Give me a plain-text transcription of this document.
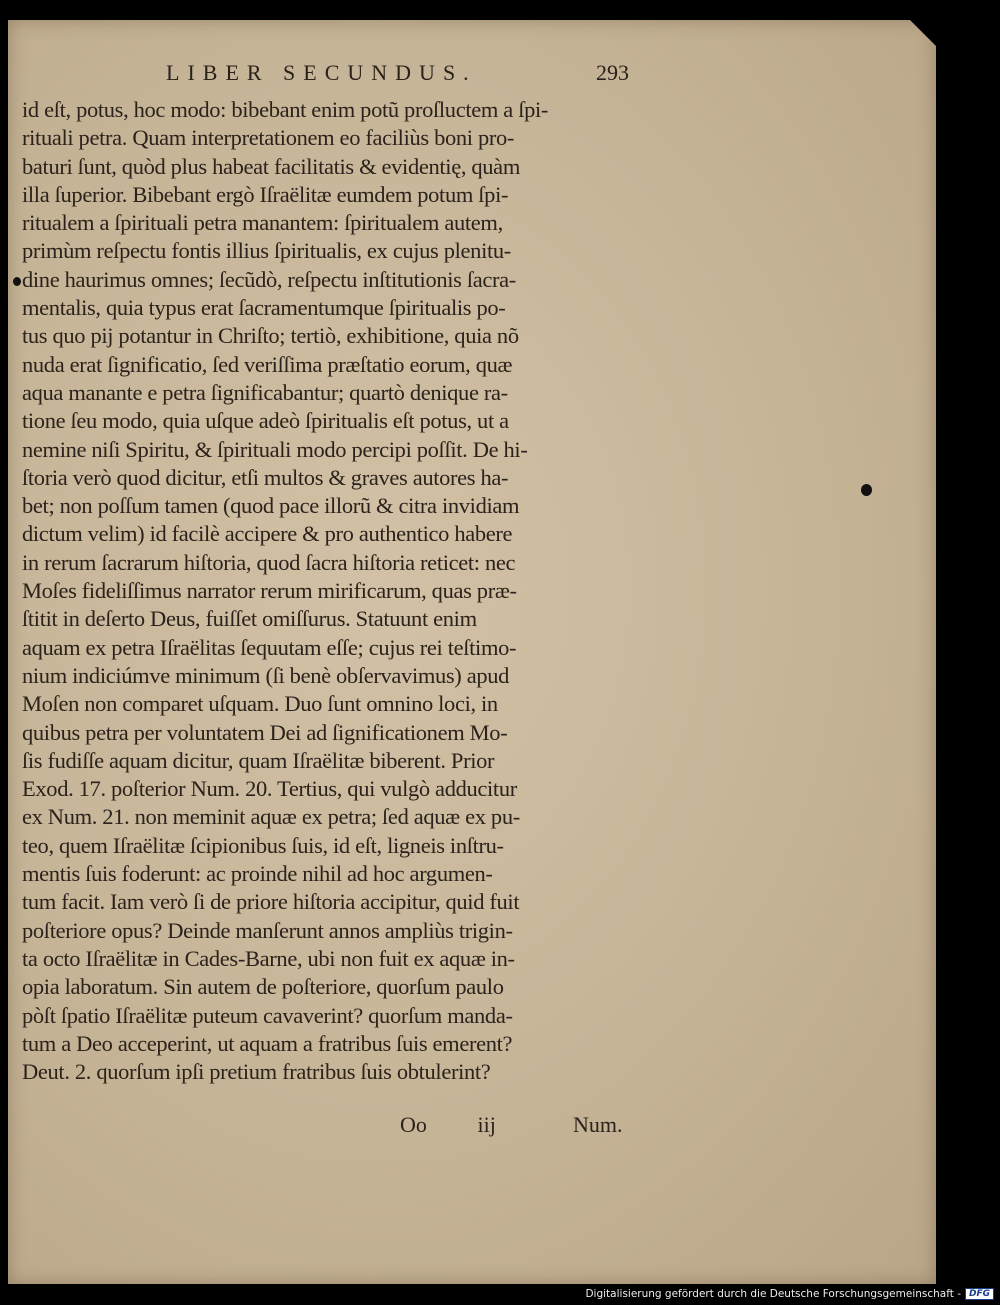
LIBER SECUNDUS.	293
id eſt, potus, hoc modo: bibebant enim potũ proſluctem a ſpi-
rituali petra. Quam interpretationem eo faciliùs boni pro-
baturi ſunt, quòd plus habeat facilitatis & evidentię, quàm
illa ſuperior. Bibebant ergò Iſraëlitæ eumdem potum ſpi-
ritualem a ſpirituali petra manantem: ſpiritualem autem,
primùm reſpectu fontis illius ſpiritualis, ex cujus plenitu-
dine haurimus omnes; ſecũdò, reſpectu inſtitutionis ſacra-
mentalis, quia typus erat ſacramentumque ſpiritualis po-
tus quo pij potantur in Chriſto; tertiò, exhibitione, quia nõ
nuda erat ſignificatio, ſed veriſſima præſtatio eorum, quæ
aqua manante e petra ſignificabantur; quartò denique ra-
tione ſeu modo, quia uſque adeò ſpiritualis eſt potus, ut a
nemine niſi Spiritu, & ſpirituali modo percipi poſſit. De hi-
ſtoria verò quod dicitur, etſi multos & graves autores ha-
bet; non poſſum tamen (quod pace illorũ & citra invidiam
dictum velim) id facilè accipere & pro authentico habere
in rerum ſacrarum hiſtoria, quod ſacra hiſtoria reticet: nec
Moſes fideliſſimus narrator rerum mirificarum, quas præ-
ſtitit in deſerto Deus, fuiſſet omiſſurus. Statuunt enim
aquam ex petra Iſraëlitas ſequutam eſſe; cujus rei teſtimo-
nium indiciúmve minimum (ſi benè obſervavimus) apud
Moſen non comparet uſquam. Duo ſunt omnino loci, in
quibus petra per voluntatem Dei ad ſignificationem Mo-
ſis fudiſſe aquam dicitur, quam Iſraëlitæ biberent. Prior
Exod. 17. poſterior Num. 20. Tertius, qui vulgò adducitur
ex Num. 21. non meminit aquæ ex petra; ſed aquæ ex pu-
teo, quem Iſraëlitæ ſcipionibus ſuis, id eſt, ligneis inſtru-
mentis ſuis foderunt: ac proinde nihil ad hoc argumen-
tum facit. Iam verò ſi de priore hiſtoria accipitur, quid fuit
poſteriore opus? Deinde manſerunt annos ampliùs trigin-
ta octo Iſraëlitæ in Cades-Barne, ubi non fuit ex aquæ in-
opia laboratum. Sin autem de poſteriore, quorſum paulo
pòſt ſpatio Iſraëlitæ puteum cavaverint? quorſum manda-
tum a Deo acceperint, ut aquam a fratribus ſuis emerent?
Deut. 2. quorſum ipſi pretium fratribus ſuis obtulerint?
Oo iij	Num.
Digitalisierung gefördert durch die Deutsche Forschungsgemeinschaft - DFG
